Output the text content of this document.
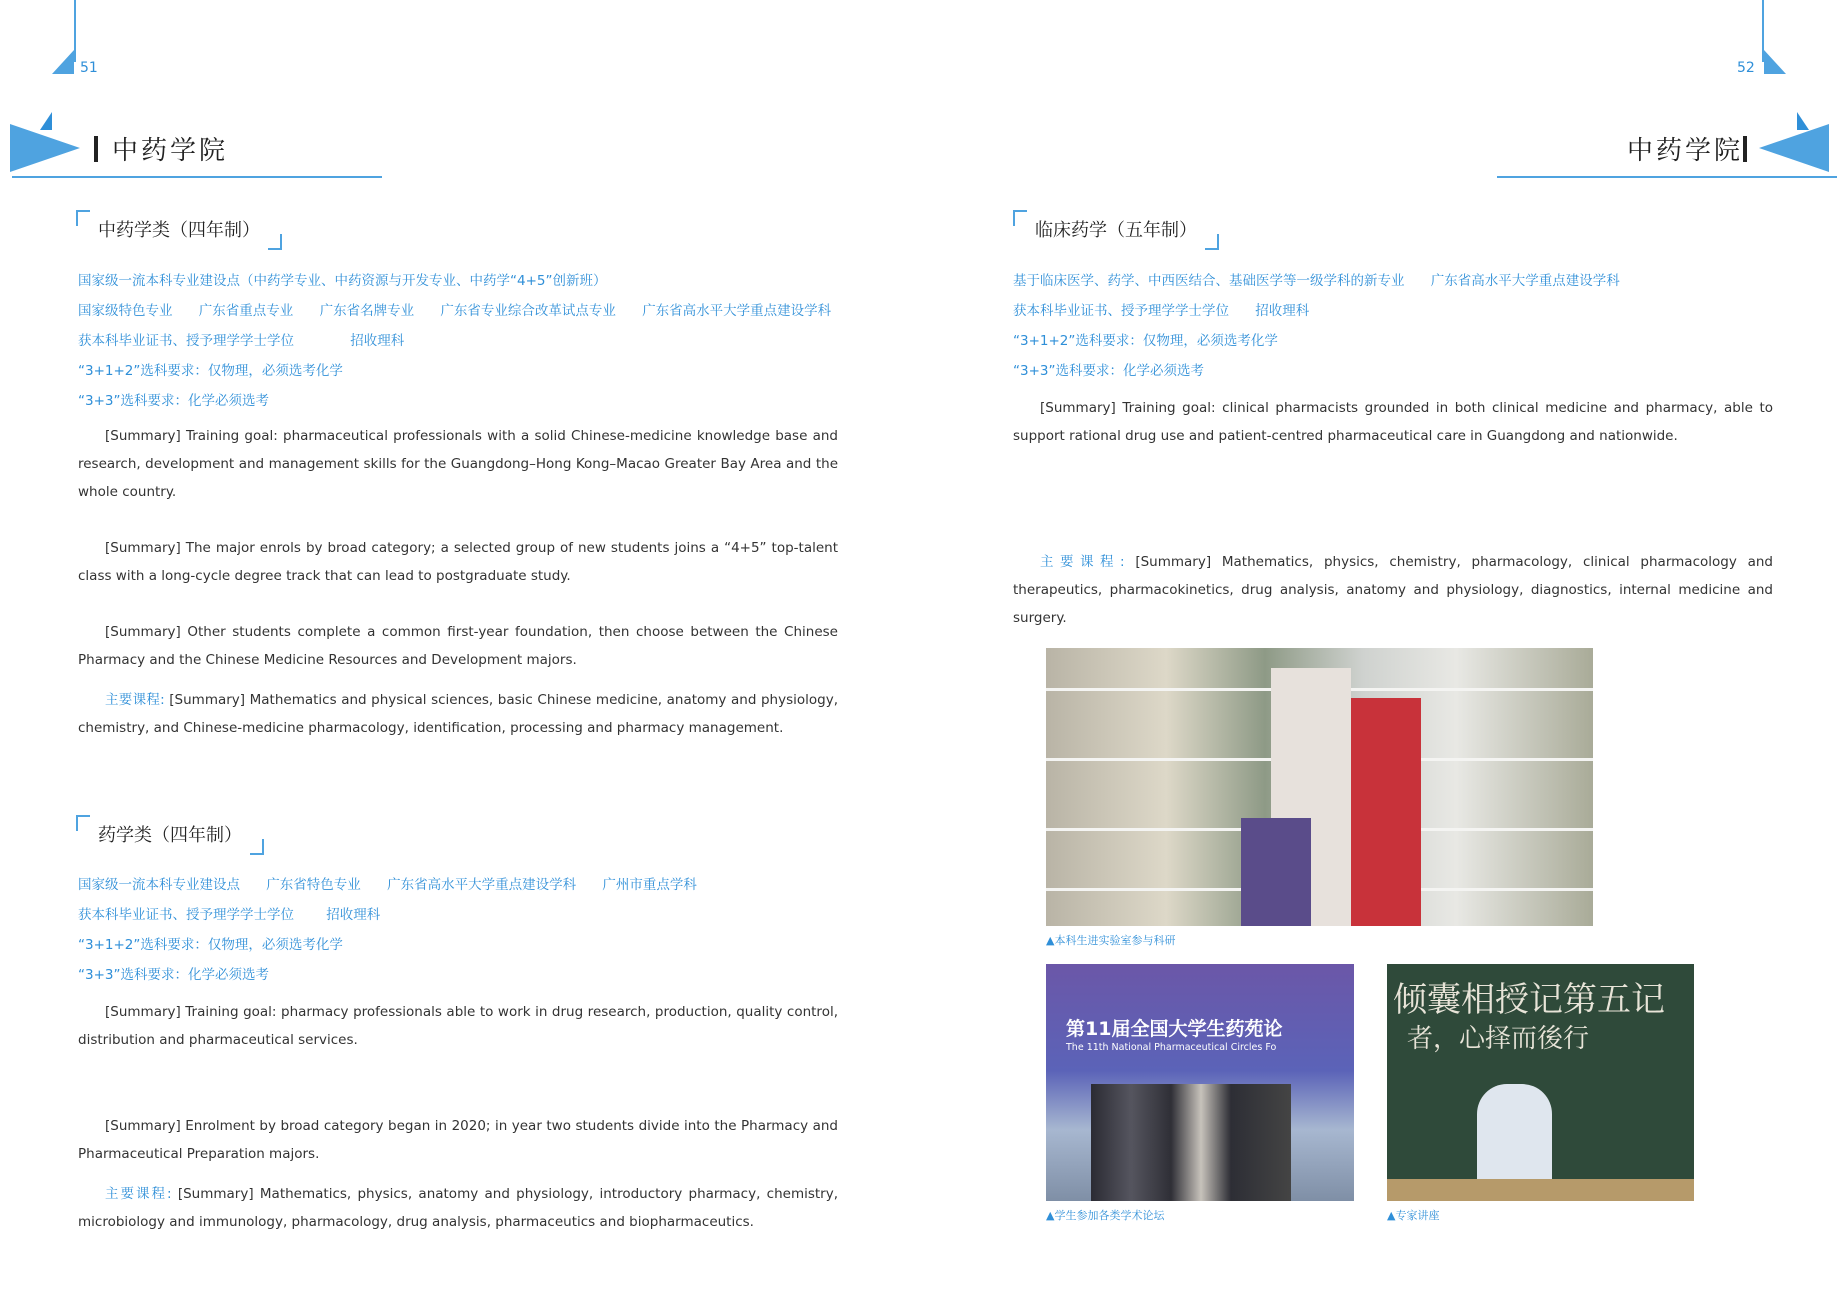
51
中药学院
中药学类（四年制）
国家级一流本科专业建设点（中药学专业、中药资源与开发专业、中药学“4+5”创新班）
国家级特色专业 广东省重点专业 广东省名牌专业 广东省专业综合改革试点专业 广东省高水平大学重点建设学科
获本科毕业证书、授予理学学士学位	招收理科
“3+1+2”选科要求：仅物理，必须选考化学
“3+3”选科要求：化学必须选考
[Summary] Training goal: pharmaceutical professionals with a solid Chinese-medicine knowledge base and research, development and management skills for the Guangdong–Hong Kong–Macao Greater Bay Area and the whole country.
[Summary] The major enrols by broad category; a selected group of new students joins a “4+5” top-talent class with a long-cycle degree track that can lead to postgraduate study.
[Summary] Other students complete a common first-year foundation, then choose between the Chinese Pharmacy and the Chinese Medicine Resources and Development majors.
主要课程: [Summary] Mathematics and physical sciences, basic Chinese medicine, anatomy and physiology, chemistry, and Chinese-medicine pharmacology, identification, processing and pharmacy management.
药学类（四年制）
国家级一流本科专业建设点 广东省特色专业 广东省高水平大学重点建设学科 广州市重点学科
获本科毕业证书、授予理学学士学位 招收理科
“3+1+2”选科要求：仅物理，必须选考化学
“3+3”选科要求：化学必须选考
[Summary] Training goal: pharmacy professionals able to work in drug research, production, quality control, distribution and pharmaceutical services.
[Summary] Enrolment by broad category began in 2020; in year two students divide into the Pharmacy and Pharmaceutical Preparation majors.
主要课程: [Summary] Mathematics, physics, anatomy and physiology, introductory pharmacy, chemistry, microbiology and immunology, pharmacology, drug analysis, pharmaceutics and biopharmaceutics.
52
中药学院
临床药学（五年制）
基于临床医学、药学、中西医结合、基础医学等一级学科的新专业 广东省高水平大学重点建设学科
获本科毕业证书、授予理学学士学位 招收理科
“3+1+2”选科要求：仅物理，必须选考化学
“3+3”选科要求：化学必须选考
[Summary] Training goal: clinical pharmacists grounded in both clinical medicine and pharmacy, able to support rational drug use and patient-centred pharmaceutical care in Guangdong and nationwide.
主要课程: [Summary] Mathematics, physics, chemistry, pharmacology, clinical pharmacology and therapeutics, pharmacokinetics, drug analysis, anatomy and physiology, diagnostics, internal medicine and surgery.
▲本科生进实验室参与科研
第11届全国大学生药苑论
The 11th National Pharmaceutical Circles Fo
▲学生参加各类学术论坛
倾囊相授记第五记
者，心择而後行
▲专家讲座
